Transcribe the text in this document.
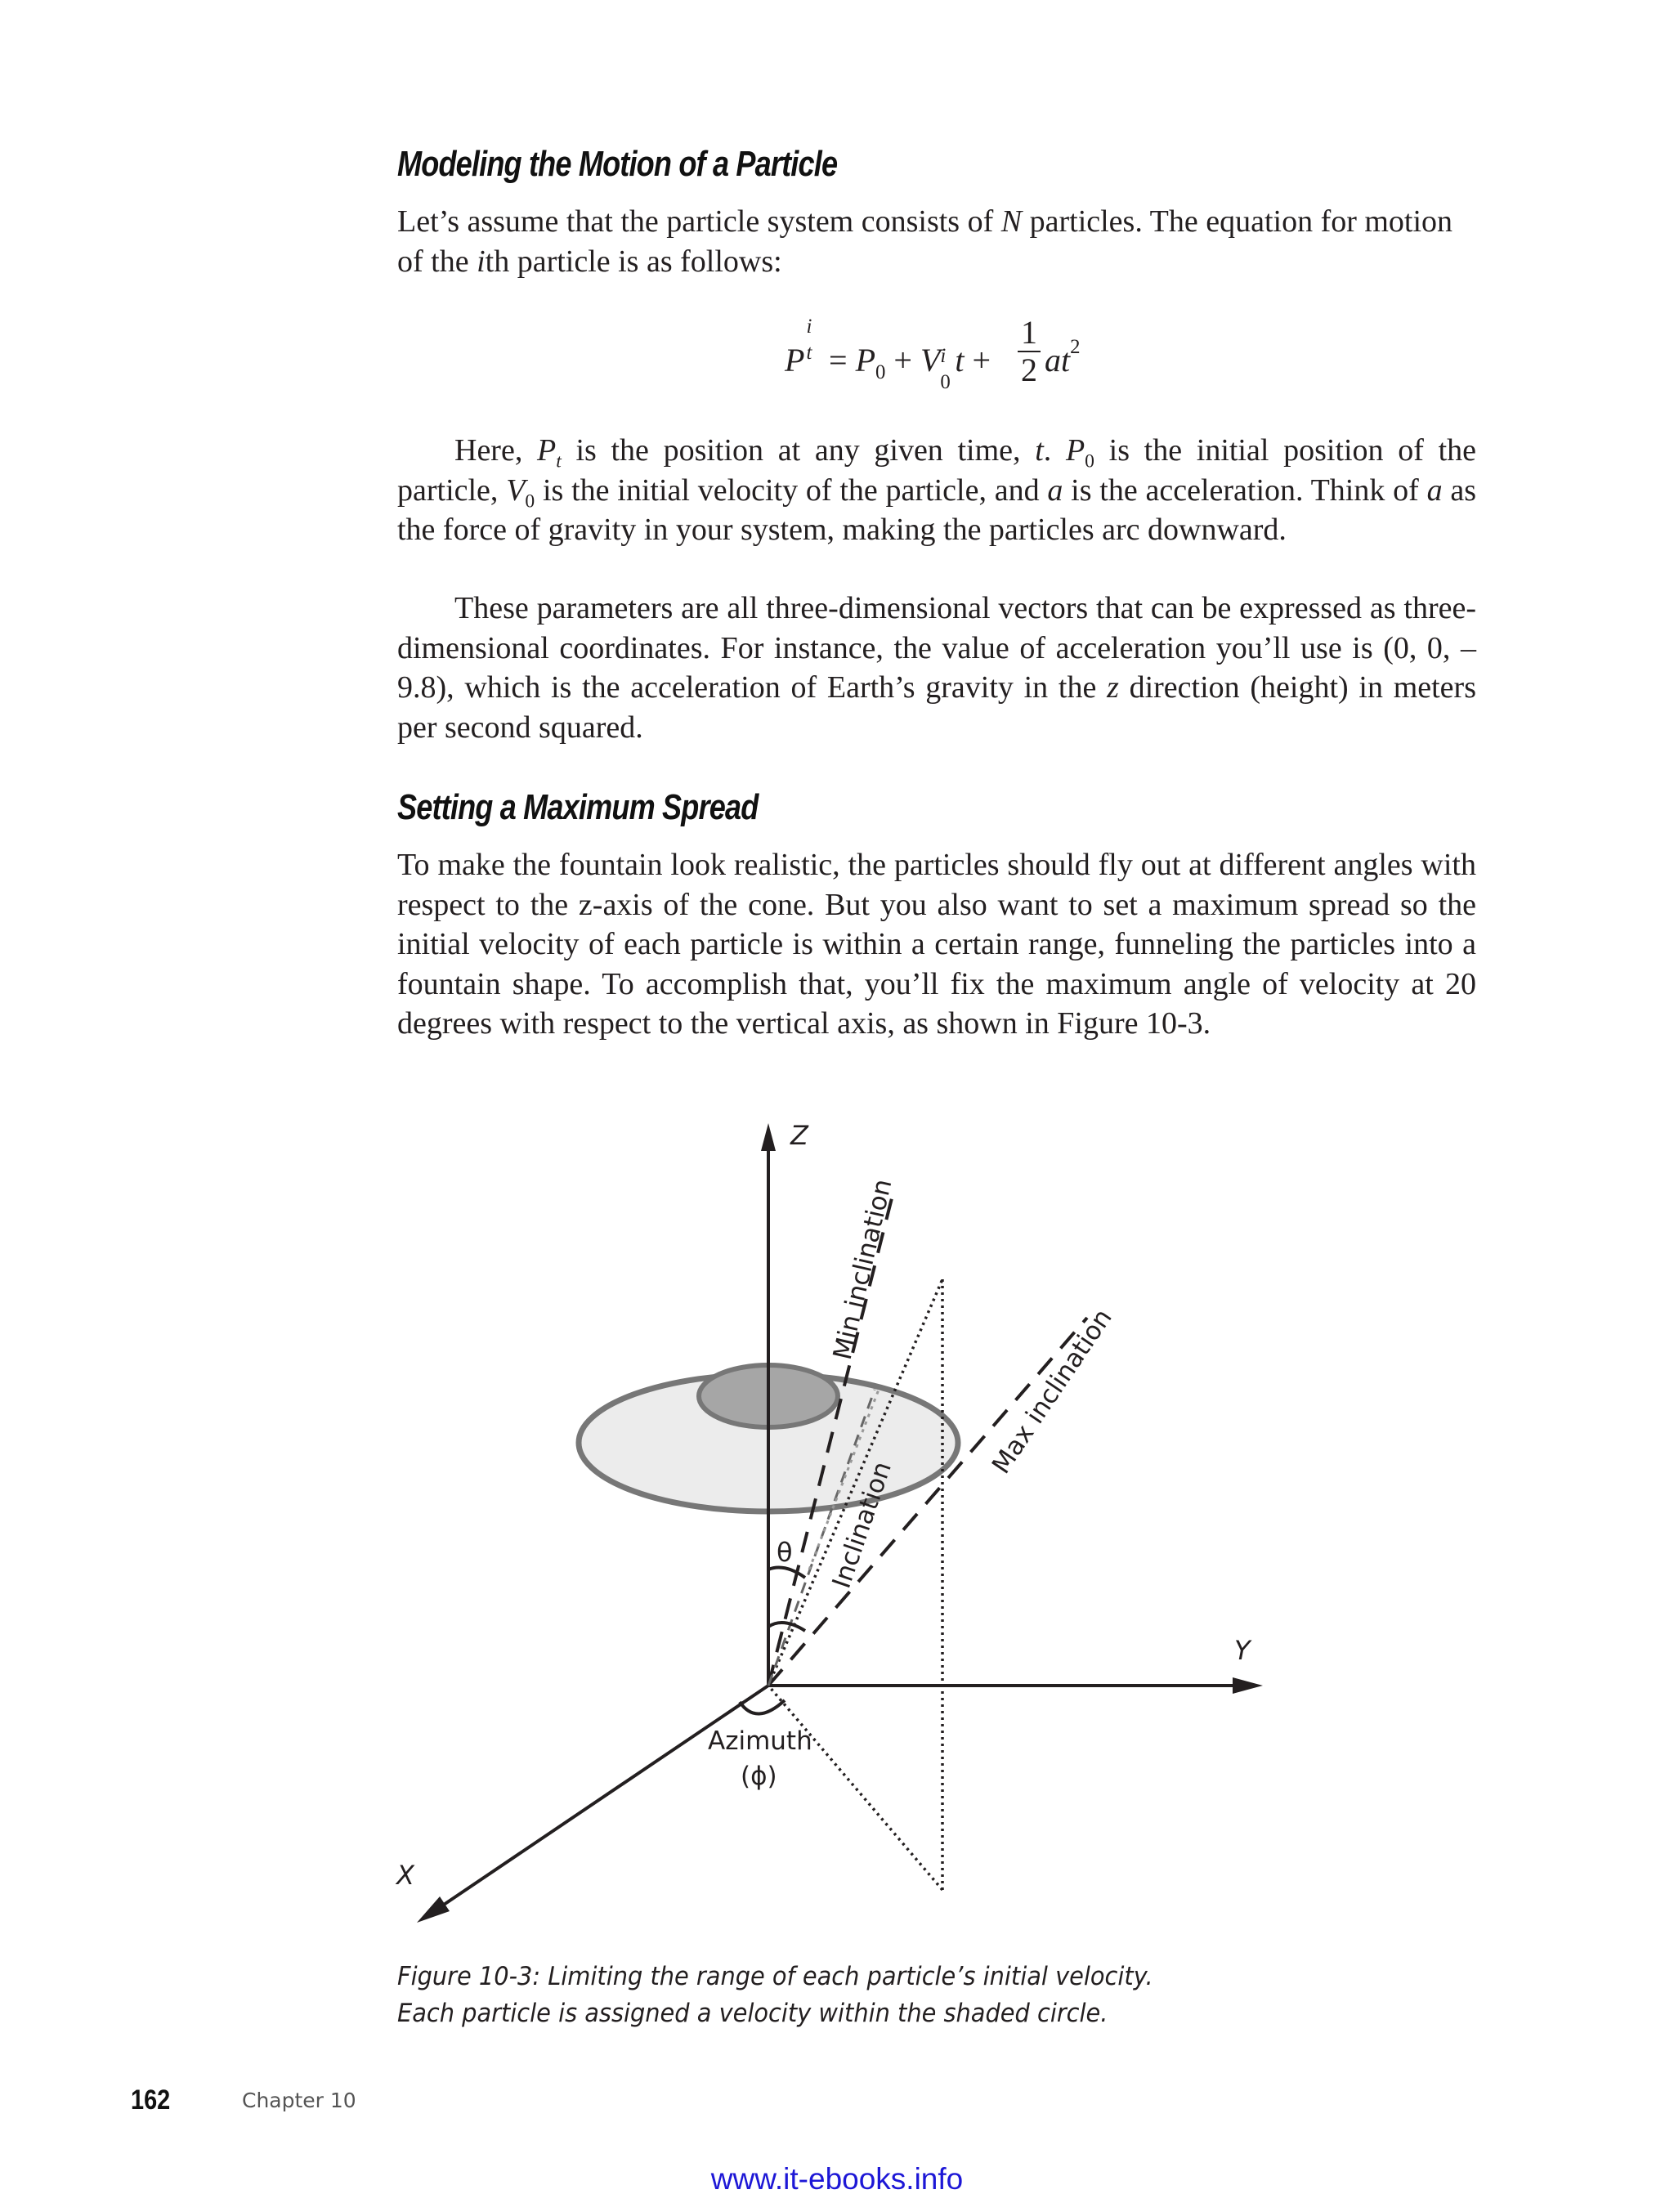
Modeling the Motion of a Particle

Let’s assume that the particle system consists of N particles. The equation for motion of the ith particle is as follows:

P
i
$t = P_0 + V$ i
0
$t + \frac{1}{2} at^2$

Here, $P_t$ is the position at any given time, t. $P_0$ is the initial position of the particle, $V_0$ is the initial velocity of the particle, and a is the acceleration. Think of a as the force of gravity in your system, making the particles arc downward.

These parameters are all three-dimensional vectors that can be expressed as three-dimensional coordinates. For instance, the value of acceleration you’ll use is (0, 0, –9.8), which is the acceleration of Earth’s gravity in the z direction (height) in meters per second squared.

Setting a Maximum Spread

To make the fountain look realistic, the particles should fly out at different angles with respect to the z-axis of the cone. But you also want to set a maximum spread so the initial velocity of each particle is within a certain range, funneling the particles into a fountain shape. To accomplish that, you’ll fix the maximum angle of velocity at 20 degrees with respect to the vertical axis, as shown in Figure 10-3.

Z
Y
X
Min inclination
Max inclination
Inclination
θ
Azimuth
(ϕ)
Figure 10-3: Limiting the range of each particle’s initial velocity.
Each particle is assigned a velocity within the shaded circle.
162	Chapter 10
www.it-ebooks.info
